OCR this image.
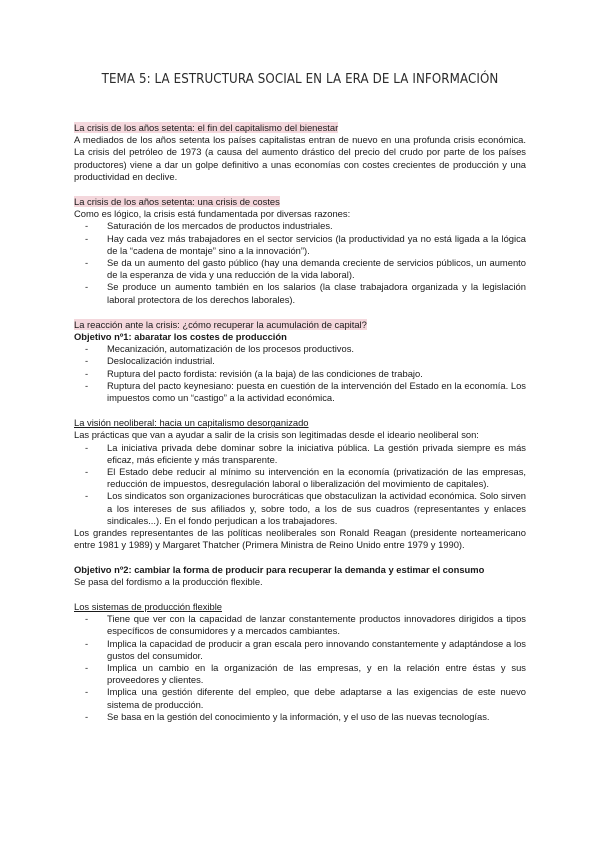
TEMA 5: LA ESTRUCTURA SOCIAL EN LA ERA DE LA INFORMACIÓN

La crisis de los años setenta: el fin del capitalismo del bienestar

A mediados de los años setenta los países capitalistas entran de nuevo en una profunda crisis económica. La crisis del petróleo de 1973 (a causa del aumento drástico del precio del crudo por parte de los países productores) viene a dar un golpe definitivo a unas economías con costes crecientes de producción y una productividad en declive.

La crisis de los años setenta: una crisis de costes

Como es lógico, la crisis está fundamentada por diversas razones:

- Saturación de los mercados de productos industriales.
- Hay cada vez más trabajadores en el sector servicios (la productividad ya no está ligada a la lógica de la “cadena de montaje” sino a la innovación”).
- Se da un aumento del gasto público (hay una demanda creciente de servicios públicos, un aumento de la esperanza de vida y una reducción de la vida laboral).
- Se produce un aumento también en los salarios (la clase trabajadora organizada y la legislación laboral protectora de los derechos laborales).

La reacción ante la crisis: ¿cómo recuperar la acumulación de capital?

Objetivo nº1: abaratar los costes de producción

- Mecanización, automatización de los procesos productivos.
- Deslocalización industrial.
- Ruptura del pacto fordista: revisión (a la baja) de las condiciones de trabajo.
- Ruptura del pacto keynesiano: puesta en cuestión de la intervención del Estado en la economía. Los impuestos como un “castigo” a la actividad económica.

La visión neoliberal: hacia un capitalismo desorganizado

Las prácticas que van a ayudar a salir de la crisis son legitimadas desde el ideario neoliberal son:

- La iniciativa privada debe dominar sobre la iniciativa pública. La gestión privada siempre es más eficaz, más eficiente y más transparente.
- El Estado debe reducir al mínimo su intervención en la economía (privatización de las empresas, reducción de impuestos, desregulación laboral o liberalización del movimiento de capitales).
- Los sindicatos son organizaciones burocráticas que obstaculizan la actividad económica. Solo sirven a los intereses de sus afiliados y, sobre todo, a los de sus cuadros (representantes y enlaces sindicales...). En el fondo perjudican a los trabajadores.

Los grandes representantes de las políticas neoliberales son Ronald Reagan (presidente norteamericano entre 1981 y 1989) y Margaret Thatcher (Primera Ministra de Reino Unido entre 1979 y 1990).

Objetivo nº2: cambiar la forma de producir para recuperar la demanda y estimar el consumo

Se pasa del fordismo a la producción flexible.

Los sistemas de producción flexible

- Tiene que ver con la capacidad de lanzar constantemente productos innovadores dirigidos a tipos específicos de consumidores y a mercados cambiantes.
- Implica la capacidad de producir a gran escala pero innovando constantemente y adaptándose a los gustos del consumidor.
- Implica un cambio en la organización de las empresas, y en la relación entre éstas y sus proveedores y clientes.
- Implica una gestión diferente del empleo, que debe adaptarse a las exigencias de este nuevo sistema de producción.
- Se basa en la gestión del conocimiento y la información, y el uso de las nuevas tecnologías.
